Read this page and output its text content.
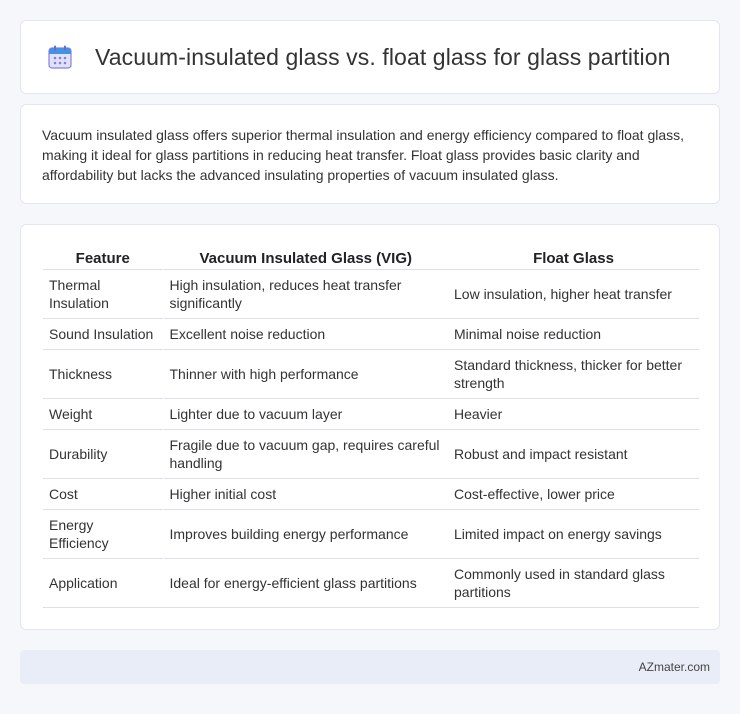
Vacuum-insulated glass vs. float glass for glass partition

Vacuum insulated glass offers superior thermal insulation and energy efficiency compared to float glass, making it ideal for glass partitions in reducing heat transfer. Float glass provides basic clarity and affordability but lacks the advanced insulating properties of vacuum insulated glass.

Feature	Vacuum Insulated Glass (VIG)	Float Glass
Thermal Insulation	High insulation, reduces heat transfer significantly	Low insulation, higher heat transfer
Sound Insulation	Excellent noise reduction	Minimal noise reduction
Thickness	Thinner with high performance	Standard thickness, thicker for better strength
Weight	Lighter due to vacuum layer	Heavier
Durability	Fragile due to vacuum gap, requires careful handling	Robust and impact resistant
Cost	Higher initial cost	Cost-effective, lower price
Energy Efficiency	Improves building energy performance	Limited impact on energy savings
Application	Ideal for energy-efficient glass partitions	Commonly used in standard glass partitions
AZmater.com
